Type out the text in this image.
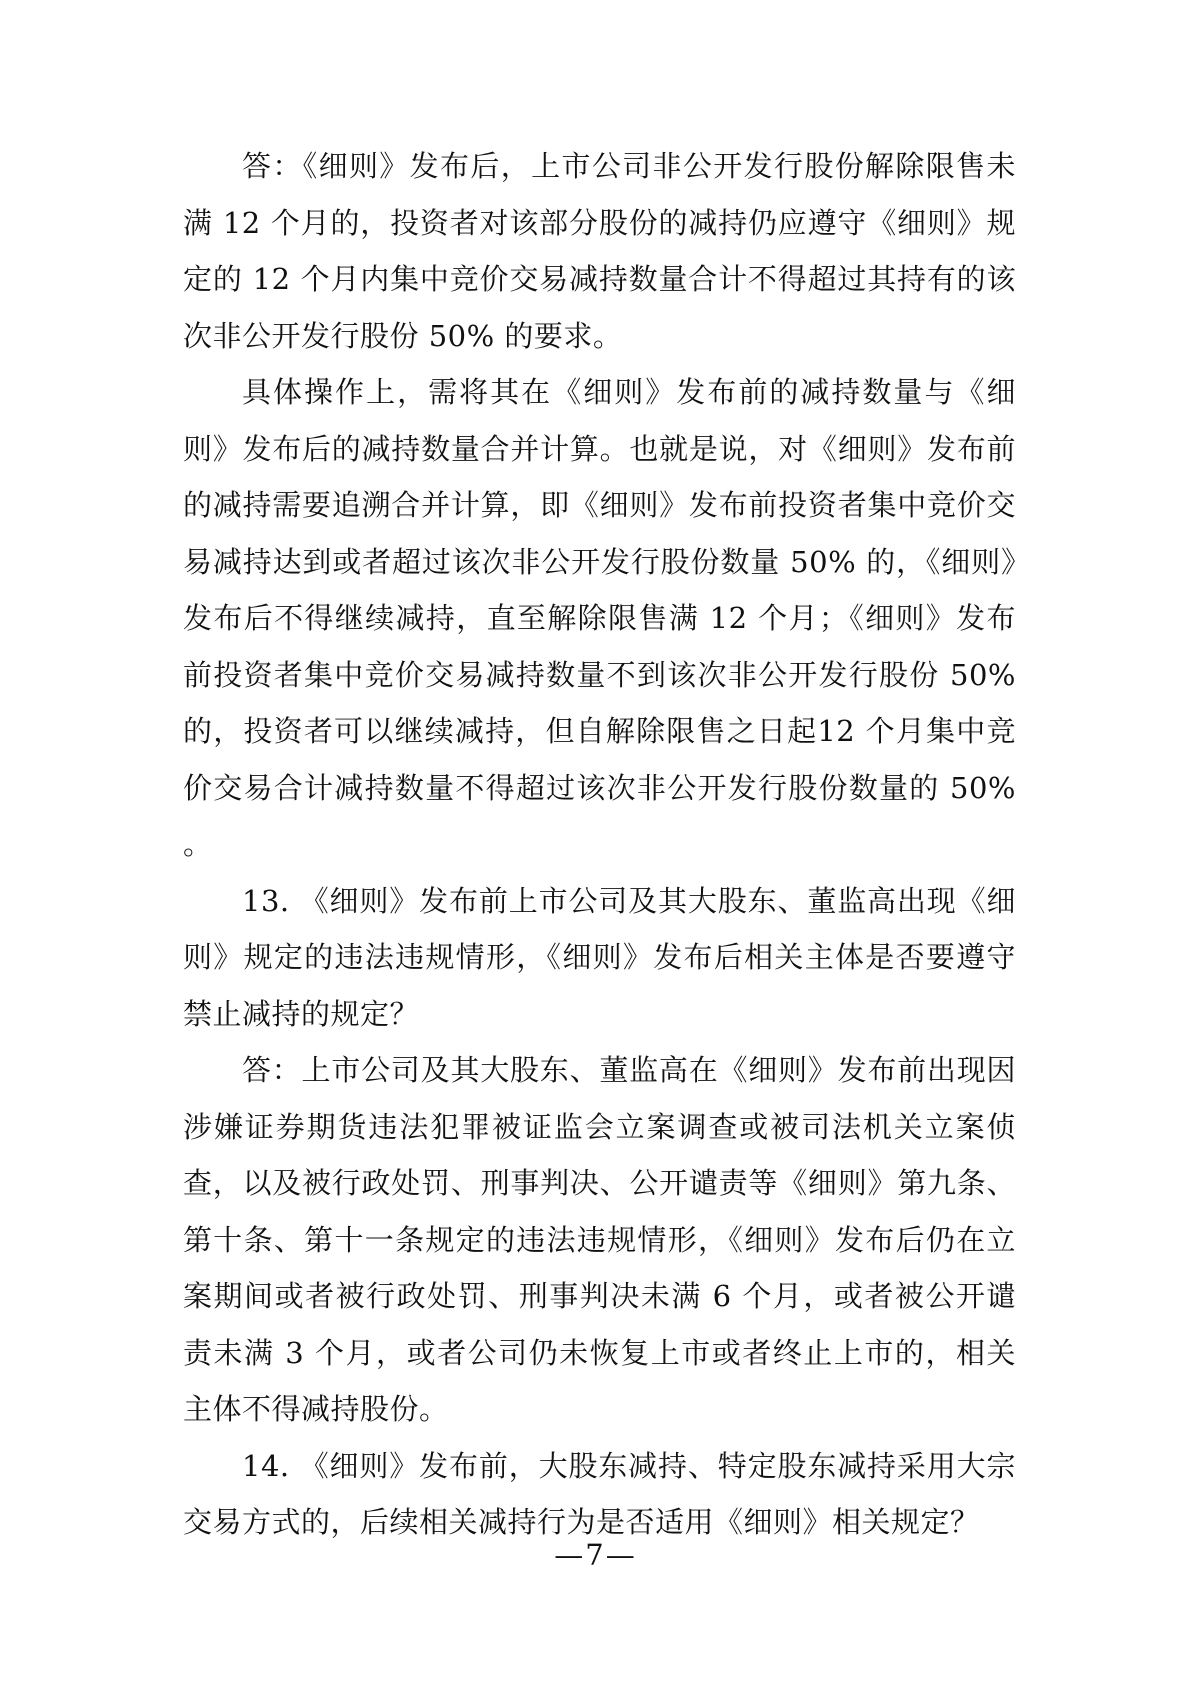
答：《细则》发布后，上市公司非公开发行股份解除限售未满 12 个月的，投资者对该部分股份的减持仍应遵守《细则》规定的 12 个月内集中竞价交易减持数量合计不得超过其持有的该次非公开发行股份 50% 的要求。

具体操作上，需将其在《细则》发布前的减持数量与《细则》发布后的减持数量合并计算。也就是说，对《细则》发布前的减持需要追溯合并计算，即《细则》发布前投资者集中竞价交易减持达到或者超过该次非公开发行股份数量 50% 的，《细则》发布后不得继续减持，直至解除限售满 12 个月；《细则》发布前投资者集中竞价交易减持数量不到该次非公开发行股份 50% 的，投资者可以继续减持，但自解除限售之日起12 个月集中竞价交易合计减持数量不得超过该次非公开发行股份数量的 50% 。

13. 《细则》发布前上市公司及其大股东、董监高出现《细则》规定的违法违规情形，《细则》发布后相关主体是否要遵守禁止减持的规定？

答：上市公司及其大股东、董监高在《细则》发布前出现因涉嫌证券期货违法犯罪被证监会立案调查或被司法机关立案侦查，以及被行政处罚、刑事判决、公开谴责等《细则》第九条、第十条、第十一条规定的违法违规情形，《细则》发布后仍在立案期间或者被行政处罚、刑事判决未满 6 个月，或者被公开谴责未满 3 个月，或者公司仍未恢复上市或者终止上市的，相关主体不得减持股份。

14. 《细则》发布前，大股东减持、特定股东减持采用大宗交易方式的，后续相关减持行为是否适用《细则》相关规定？

—7—
